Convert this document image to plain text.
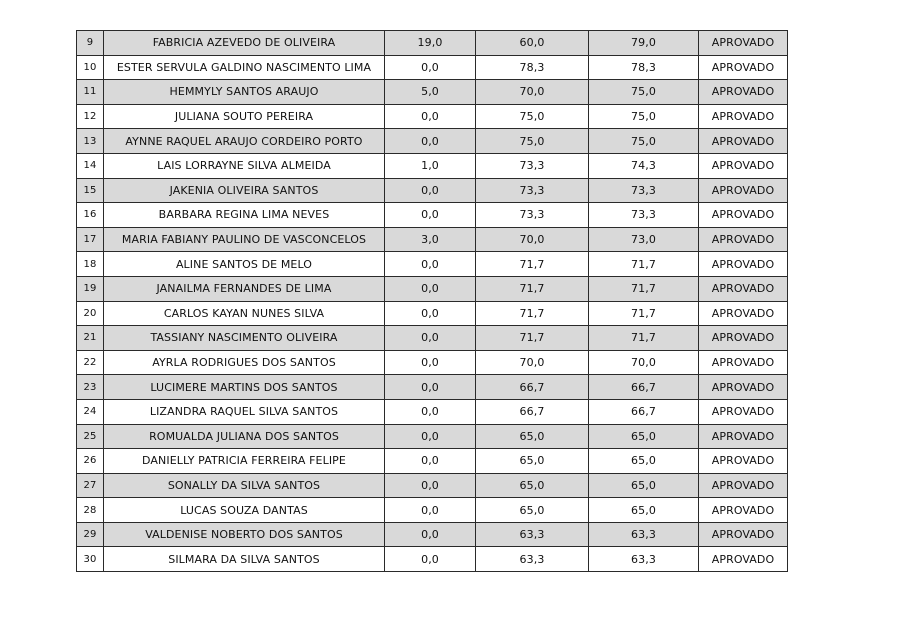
9	FABRICIA AZEVEDO DE OLIVEIRA	19,0	60,0	79,0	APROVADO
10	ESTER SERVULA GALDINO NASCIMENTO LIMA	0,0	78,3	78,3	APROVADO
11	HEMMYLY SANTOS ARAUJO	5,0	70,0	75,0	APROVADO
12	JULIANA SOUTO PEREIRA	0,0	75,0	75,0	APROVADO
13	AYNNE RAQUEL ARAUJO CORDEIRO PORTO	0,0	75,0	75,0	APROVADO
14	LAIS LORRAYNE SILVA ALMEIDA	1,0	73,3	74,3	APROVADO
15	JAKENIA OLIVEIRA SANTOS	0,0	73,3	73,3	APROVADO
16	BARBARA REGINA LIMA NEVES	0,0	73,3	73,3	APROVADO
17	MARIA FABIANY PAULINO DE VASCONCELOS	3,0	70,0	73,0	APROVADO
18	ALINE SANTOS DE MELO	0,0	71,7	71,7	APROVADO
19	JANAILMA FERNANDES DE LIMA	0,0	71,7	71,7	APROVADO
20	CARLOS KAYAN NUNES SILVA	0,0	71,7	71,7	APROVADO
21	TASSIANY NASCIMENTO OLIVEIRA	0,0	71,7	71,7	APROVADO
22	AYRLA RODRIGUES DOS SANTOS	0,0	70,0	70,0	APROVADO
23	LUCIMERE MARTINS DOS SANTOS	0,0	66,7	66,7	APROVADO
24	LIZANDRA RAQUEL SILVA SANTOS	0,0	66,7	66,7	APROVADO
25	ROMUALDA JULIANA DOS SANTOS	0,0	65,0	65,0	APROVADO
26	DANIELLY PATRICIA FERREIRA FELIPE	0,0	65,0	65,0	APROVADO
27	SONALLY DA SILVA SANTOS	0,0	65,0	65,0	APROVADO
28	LUCAS SOUZA DANTAS	0,0	65,0	65,0	APROVADO
29	VALDENISE NOBERTO DOS SANTOS	0,0	63,3	63,3	APROVADO
30	SILMARA DA SILVA SANTOS	0,0	63,3	63,3	APROVADO
